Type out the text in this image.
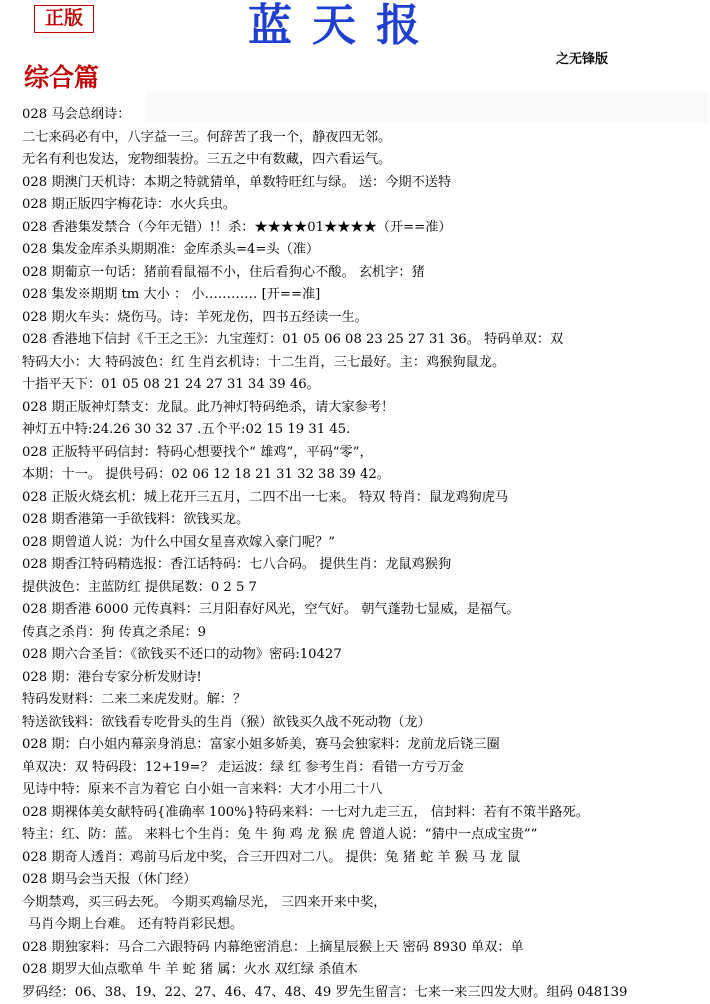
正版	蓝天报
之无锋版
综合篇
028 马会总纲诗：
二七来码必有中，八字益一三。何辞苦了我一个，静夜四无邻。
无名有利也发达，宠物细装扮。三五之中有数藏，四六看运气。
028 期澳门天机诗：本期之特就猜单，单数特旺红与绿。 送：今期不送特
028 期正版四字梅花诗：水火兵虫。
028 香港集发禁合（今年无错）!！杀：★★★★01★★★★（开==准）
028 集发金库杀头期期准：金库杀头=4=头（准）
028 期葡京一句话：猪前看鼠福不小，住后看狗心不酸。 玄机字：猪
028 集发※期期 tm 大小 ： 小………… [开==准]
028 期火车头：烧伤马。诗：羊死龙伤，四书五经读一生。
028 香港地下信封《千王之王》：九宝莲灯：01 05 06 08 23 25 27 31 36。 特码单双：双
特码大小：大 特码波色：红 生肖玄机诗：十二生肖，三七最好。主：鸡猴狗鼠龙。
十指平天下：01 05 08 21 24 27 31 34 39 46。
028 期正版神灯禁支：龙鼠。此乃神灯特码绝杀，请大家参考！
神灯五中特:24.26 30 32 37 .五个平:02 15 19 31 45.
028 正版特平码信封：特码心想要找个“ 雄鸡”，平码“零”，
本期：十一。 提供号码：02 06 12 18 21 31 32 38 39 42。
028 正版火烧玄机：城上花开三五月，二四不出一七来。 特双 特肖：鼠龙鸡狗虎马
028 期香港第一手欲钱料：欲钱买龙。
028 期曾道人说：为什么中国女星喜欢嫁入豪门呢？”
028 期香江特码精选报：香江话特码：七八合码。 提供生肖：龙鼠鸡猴狗
提供波色：主蓝防红 提供尾数：0 2 5 7
028 期香港 6000 元传真料：三月阳春好风光，空气好。 朝气蓬勃七显威，是福气。
传真之杀肖：狗 传真之杀尾：9
028 期六合圣旨：《欲钱买不还口的动物》密码:10427
028 期：港台专家分析发财诗!
特码发财料：二来二来虎发财。解：？
特送欲钱料：欲钱看专吃骨头的生肖（猴）欲钱买久战不死动物（龙）
028 期：白小姐内幕亲身消息：富家小姐多娇美，赛马会独家料：龙前龙后铙三圈
单双决：双 特码段：12+19=？ 走运波：绿 红 参考生肖：看错一方亏万金
见诗中特：原来不言为着它 白小姐一言来料：大才小用二十八
028 期裸体美女献特码{准确率 100%}特码来料：一七对九走三五， 信封料：若有不策半路死。
特主：红、防：蓝。 来料七个生肖：兔 牛 狗 鸡 龙 猴 虎 曾道人说：“猜中一点成宝贵””
028 期奇人透肖：鸡前马后龙中奖，合三开四对二八。 提供：兔 猪 蛇 羊 猴 马 龙 鼠
028 期马会当天报（休门经）
今期禁鸡，买三码去死。 今期买鸡输尽光， 三四来开来中奖，
马肖今期上台难。 还有特肖彩民想。
028 期独家料：马合二六跟特码 内幕绝密消息：上摘星辰猴上天 密码 8930 单双：单
028 期罗大仙点歌单 牛 羊 蛇 猪 属：火水 双红绿 杀值木
罗码经：06、38、19、22、27、46、47、48、49 罗先生留言：七来一来三四发大财。组码 048139
